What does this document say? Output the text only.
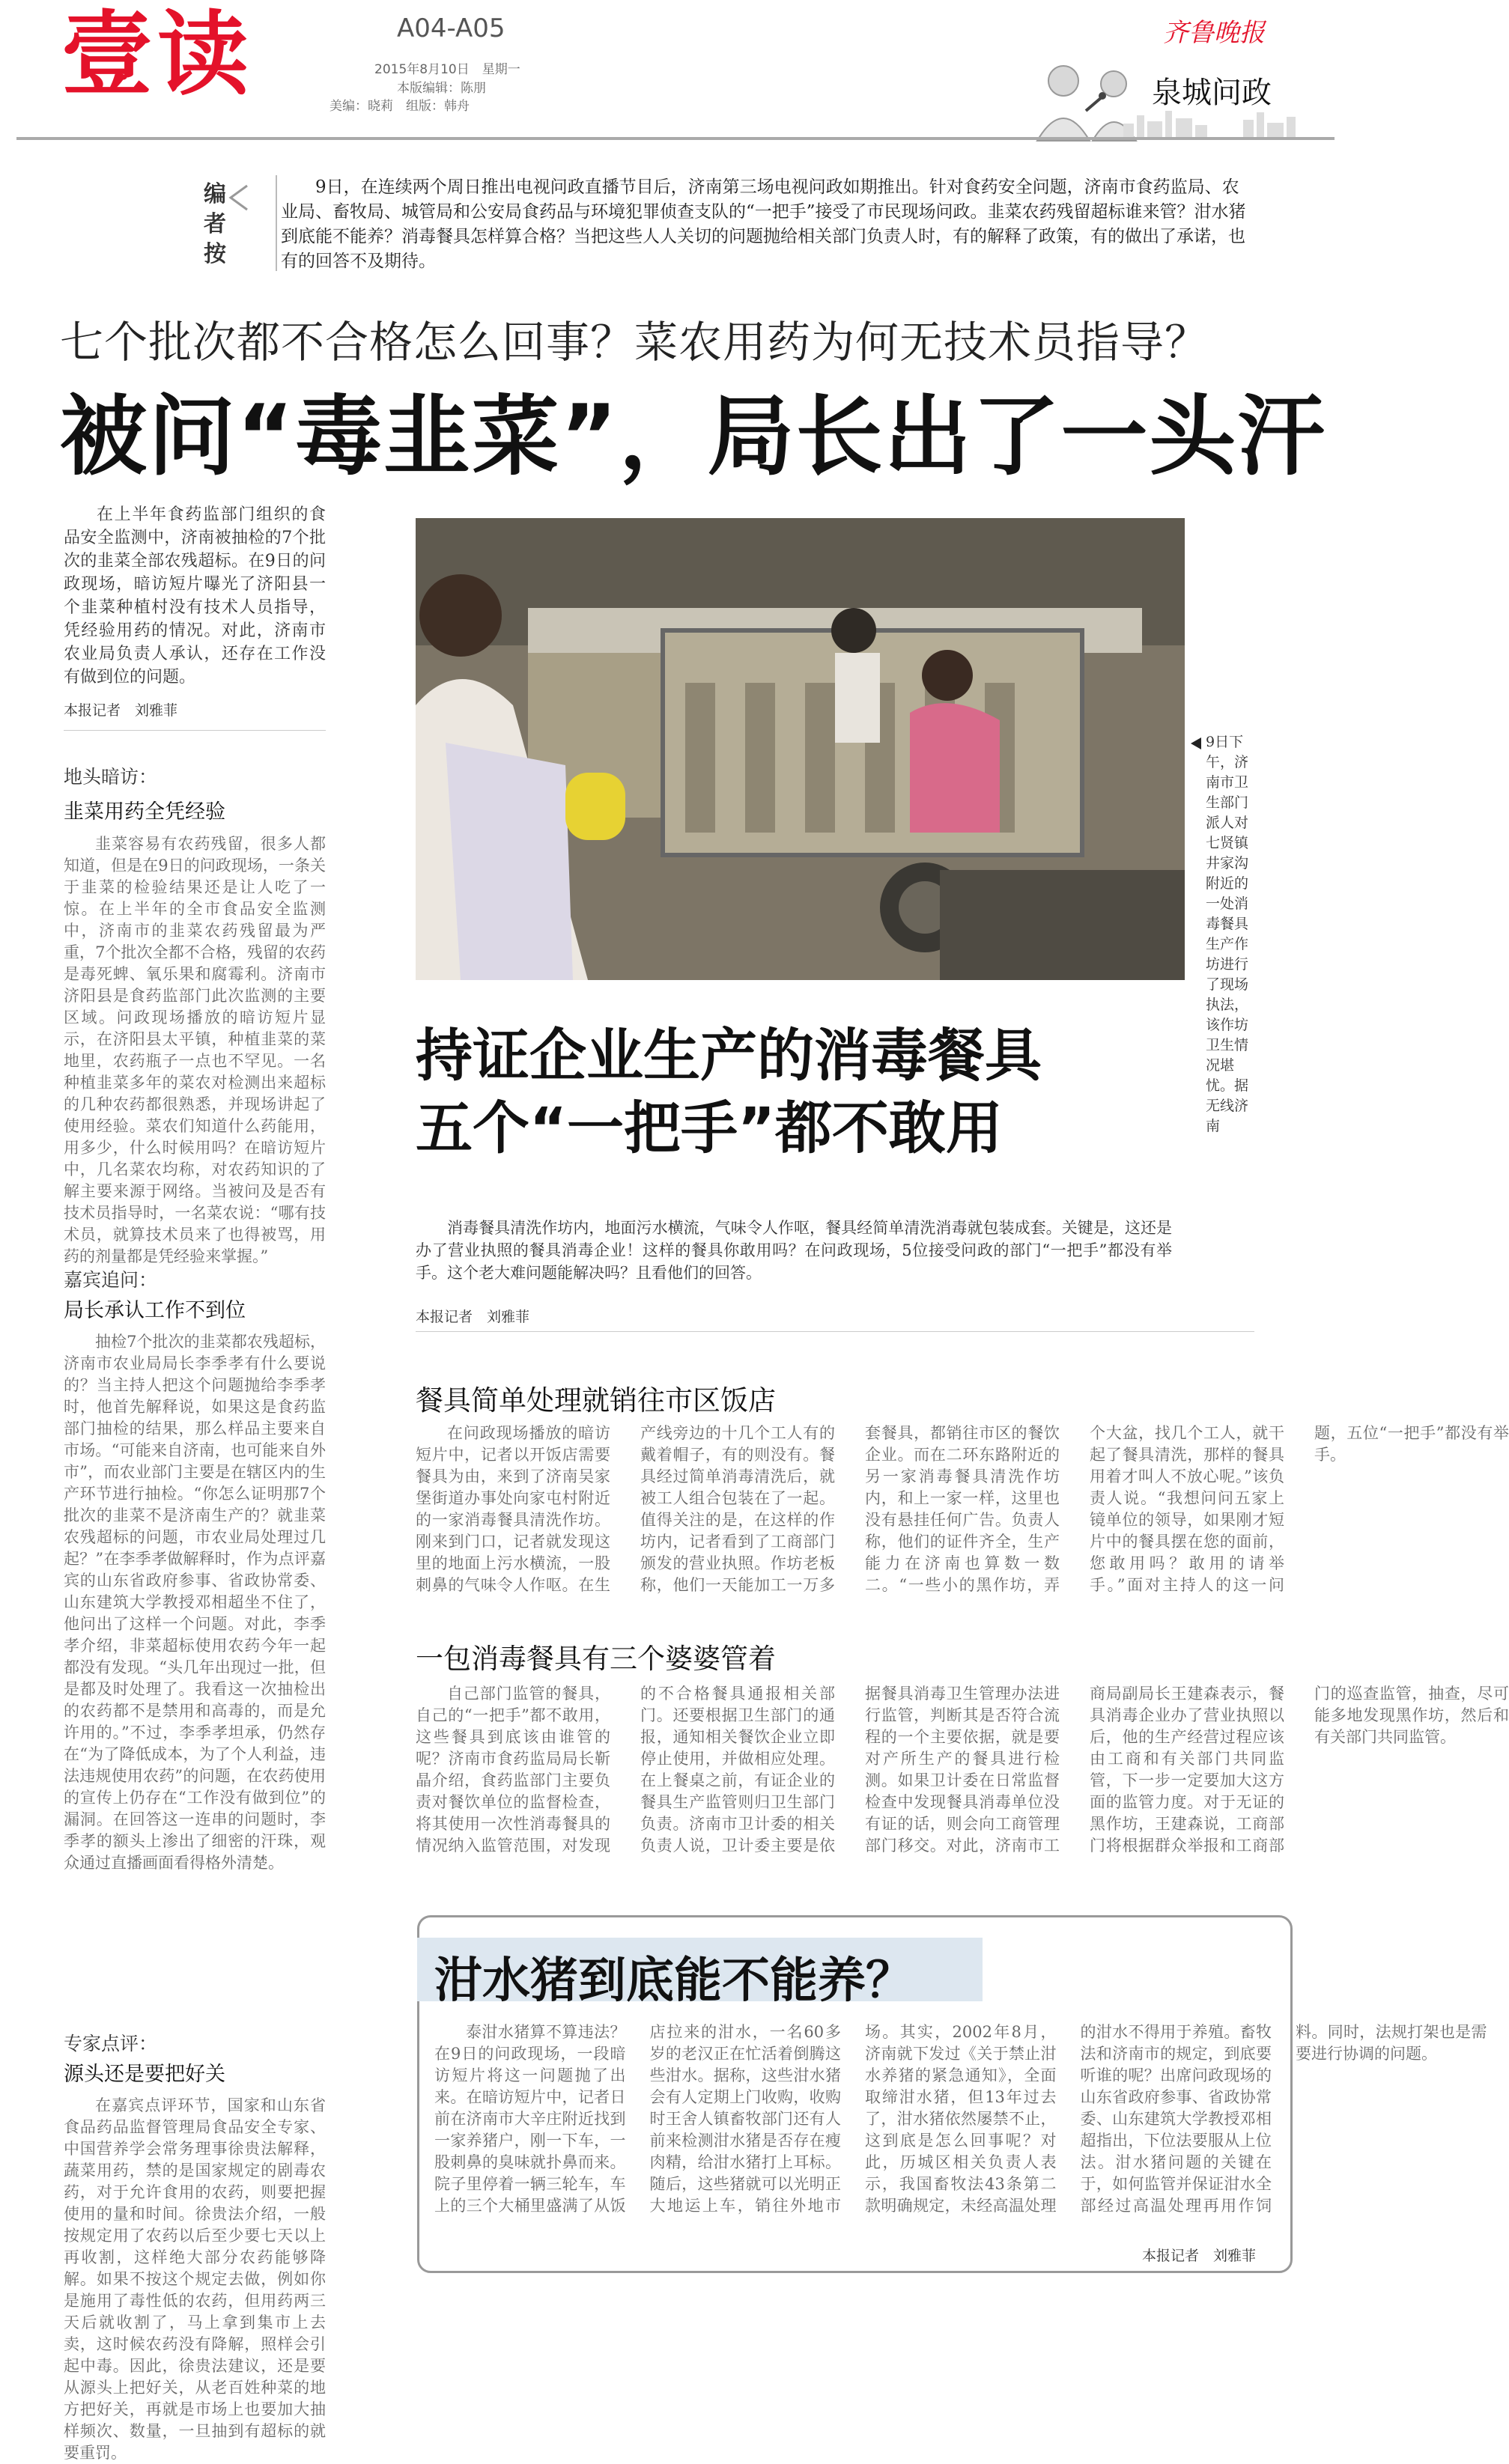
壹读	A04-A05
2015年8月10日　星期一
本版编辑：陈朋
美编：晓莉　组版：韩舟
齐鲁晚报
泉城问政
编者按
9日，在连续两个周日推出电视问政直播节目后，济南第三场电视问政如期推出。针对食药安全问题，济南市食药监局、农业局、畜牧局、城管局和公安局食药品与环境犯罪侦查支队的“一把手”接受了市民现场问政。韭菜农药残留超标谁来管？泔水猪到底能不能养？消毒餐具怎样算合格？当把这些人人关切的问题抛给相关部门负责人时，有的解释了政策，有的做出了承诺，也有的回答不及期待。
七个批次都不合格怎么回事？菜农用药为何无技术员指导？
被问“毒韭菜”，局长出了一头汗
在上半年食药监部门组织的食品安全监测中，济南被抽检的7个批次的韭菜全部农残超标。在9日的问政现场，暗访短片曝光了济阳县一个韭菜种植村没有技术人员指导，凭经验用药的情况。对此，济南市农业局负责人承认，还存在工作没有做到位的问题。
本报记者　刘雅菲
地头暗访：
韭菜用药全凭经验
韭菜容易有农药残留，很多人都知道，但是在9日的问政现场，一条关于韭菜的检验结果还是让人吃了一惊。在上半年的全市食品安全监测中，济南市的韭菜农药残留最为严重，7个批次全都不合格，残留的农药是毒死蜱、氧乐果和腐霉利。济南市济阳县是食药监部门此次监测的主要区域。问政现场播放的暗访短片显示，在济阳县太平镇，种植韭菜的菜地里，农药瓶子一点也不罕见。一名种植韭菜多年的菜农对检测出来超标的几种农药都很熟悉，并现场讲起了使用经验。菜农们知道什么药能用，用多少，什么时候用吗？在暗访短片中，几名菜农均称，对农药知识的了解主要来源于网络。当被问及是否有技术员指导时，一名菜农说：“哪有技术员，就算技术员来了也得被骂，用药的剂量都是凭经验来掌握。”
嘉宾追问：
局长承认工作不到位
抽检7个批次的韭菜都农残超标，济南市农业局局长李季孝有什么要说的？当主持人把这个问题抛给李季孝时，他首先解释说，如果这是食药监部门抽检的结果，那么样品主要来自市场。“可能来自济南，也可能来自外市”，而农业部门主要是在辖区内的生产环节进行抽检。“你怎么证明那7个批次的韭菜不是济南生产的？就韭菜农残超标的问题，市农业局处理过几起？”在李季孝做解释时，作为点评嘉宾的山东省政府参事、省政协常委、山东建筑大学教授邓相超坐不住了，他问出了这样一个问题。对此，李季孝介绍，非菜超标使用农药今年一起都没有发现。“头几年出现过一批，但是都及时处理了。我看这一次抽检出的农药都不是禁用和高毒的，而是允许用的。”不过，李季孝坦承，仍然存在“为了降低成本，为了个人利益，违法违规使用农药”的问题，在农药使用的宣传上仍存在“工作没有做到位”的漏洞。在回答这一连串的问题时，李季孝的额头上渗出了细密的汗珠，观众通过直播画面看得格外清楚。
专家点评：
源头还是要把好关
在嘉宾点评环节，国家和山东省食品药品监督管理局食品安全专家、中国营养学会常务理事徐贵法解释，蔬菜用药，禁的是国家规定的剧毒农药，对于允许食用的农药，则要把握使用的量和时间。徐贵法介绍，一般按规定用了农药以后至少要七天以上再收割，这样绝大部分农药能够降解。如果不按这个规定去做，例如你是施用了毒性低的农药，但用药两三天后就收割了，马上拿到集市上去卖，这时候农药没有降解，照样会引起中毒。因此，徐贵法建议，还是要从源头上把好关，从老百姓种菜的地方把好关，再就是市场上也要加大抽样频次、数量，一旦抽到有超标的就要重罚。
9日下午，济南市卫生部门派人对七贤镇井家沟附近的一处消毒餐具生产作坊进行了现场执法，该作坊卫生情况堪忧。据无线济南
持证企业生产的消毒餐具
五个“一把手”都不敢用
消毒餐具清洗作坊内，地面污水横流，气味令人作呕，餐具经简单清洗消毒就包装成套。关键是，这还是办了营业执照的餐具消毒企业！这样的餐具你敢用吗？在问政现场，5位接受问政的部门“一把手”都没有举手。这个老大难问题能解决吗？且看他们的回答。
本报记者　刘雅菲
餐具简单处理就销往市区饭店
在问政现场播放的暗访短片中，记者以开饭店需要餐具为由，来到了济南吴家堡街道办事处向家屯村附近的一家消毒餐具清洗作坊。刚来到门口，记者就发现这里的地面上污水横流，一股刺鼻的气味令人作呕。在生产线旁边的十几个工人有的戴着帽子，有的则没有。餐具经过简单消毒清洗后，就被工人组合包装在了一起。值得关注的是，在这样的作坊内，记者看到了工商部门颁发的营业执照。作坊老板称，他们一天能加工一万多套餐具，都销往市区的餐饮企业。而在二环东路附近的另一家消毒餐具清洗作坊内，和上一家一样，这里也没有悬挂任何广告。负责人称，他们的证件齐全，生产能力在济南也算数一数二。“一些小的黑作坊，弄个大盆，找几个工人，就干起了餐具清洗，那样的餐具用着才叫人不放心呢。”该负责人说。“我想问问五家上镜单位的领导，如果刚才短片中的餐具摆在您的面前，您敢用吗？敢用的请举手。”面对主持人的这一问题，五位“一把手”都没有举手。
一包消毒餐具有三个婆婆管着
自己部门监管的餐具，自己的“一把手”都不敢用，这些餐具到底该由谁管的呢？济南市食药监局局长靳晶介绍，食药监部门主要负责对餐饮单位的监督检查，将其使用一次性消毒餐具的情况纳入监管范围，对发现的不合格餐具通报相关部门。还要根据卫生部门的通报，通知相关餐饮企业立即停止使用，并做相应处理。在上餐桌之前，有证企业的餐具生产监管则归卫生部门负责。济南市卫计委的相关负责人说，卫计委主要是依据餐具消毒卫生管理办法进行监管，判断其是否符合流程的一个主要依据，就是要对产所生产的餐具进行检测。如果卫计委在日常监督检查中发现餐具消毒单位没有证的话，则会向工商管理部门移交。对此，济南市工商局副局长王建森表示，餐具消毒企业办了营业执照以后，他的生产经营过程应该由工商和有关部门共同监管，下一步一定要加大这方面的监管力度。对于无证的黑作坊，王建森说，工商部门将根据群众举报和工商部门的巡查监管，抽查，尽可能多地发现黑作坊，然后和有关部门共同监管。
泔水猪到底能不能养？
泰泔水猪算不算违法？在9日的问政现场，一段暗访短片将这一问题抛了出来。在暗访短片中，记者日前在济南市大辛庄附近找到一家养猪户，刚一下车，一股刺鼻的臭味就扑鼻而来。院子里停着一辆三轮车，车上的三个大桶里盛满了从饭店拉来的泔水，一名60多岁的老汉正在忙活着倒腾这些泔水。据称，这些泔水猪会有人定期上门收购，收购时王舍人镇畜牧部门还有人前来检测泔水猪是否存在瘦肉精，给泔水猪打上耳标。随后，这些猪就可以光明正大地运上车，销往外地市场。其实，2002年8月，济南就下发过《关于禁止泔水养猪的紧急通知》，全面取缔泔水猪，但13年过去了，泔水猪依然屡禁不止，这到底是怎么回事呢？对此，历城区相关负责人表示，我国畜牧法43条第二款明确规定，未经高温处理的泔水不得用于养殖。畜牧法和济南市的规定，到底要听谁的呢？出席问政现场的山东省政府参事、省政协常委、山东建筑大学教授邓相超指出，下位法要服从上位法。泔水猪问题的关键在于，如何监管并保证泔水全部经过高温处理再用作饲料。同时，法规打架也是需要进行协调的问题。
本报记者　刘雅菲
